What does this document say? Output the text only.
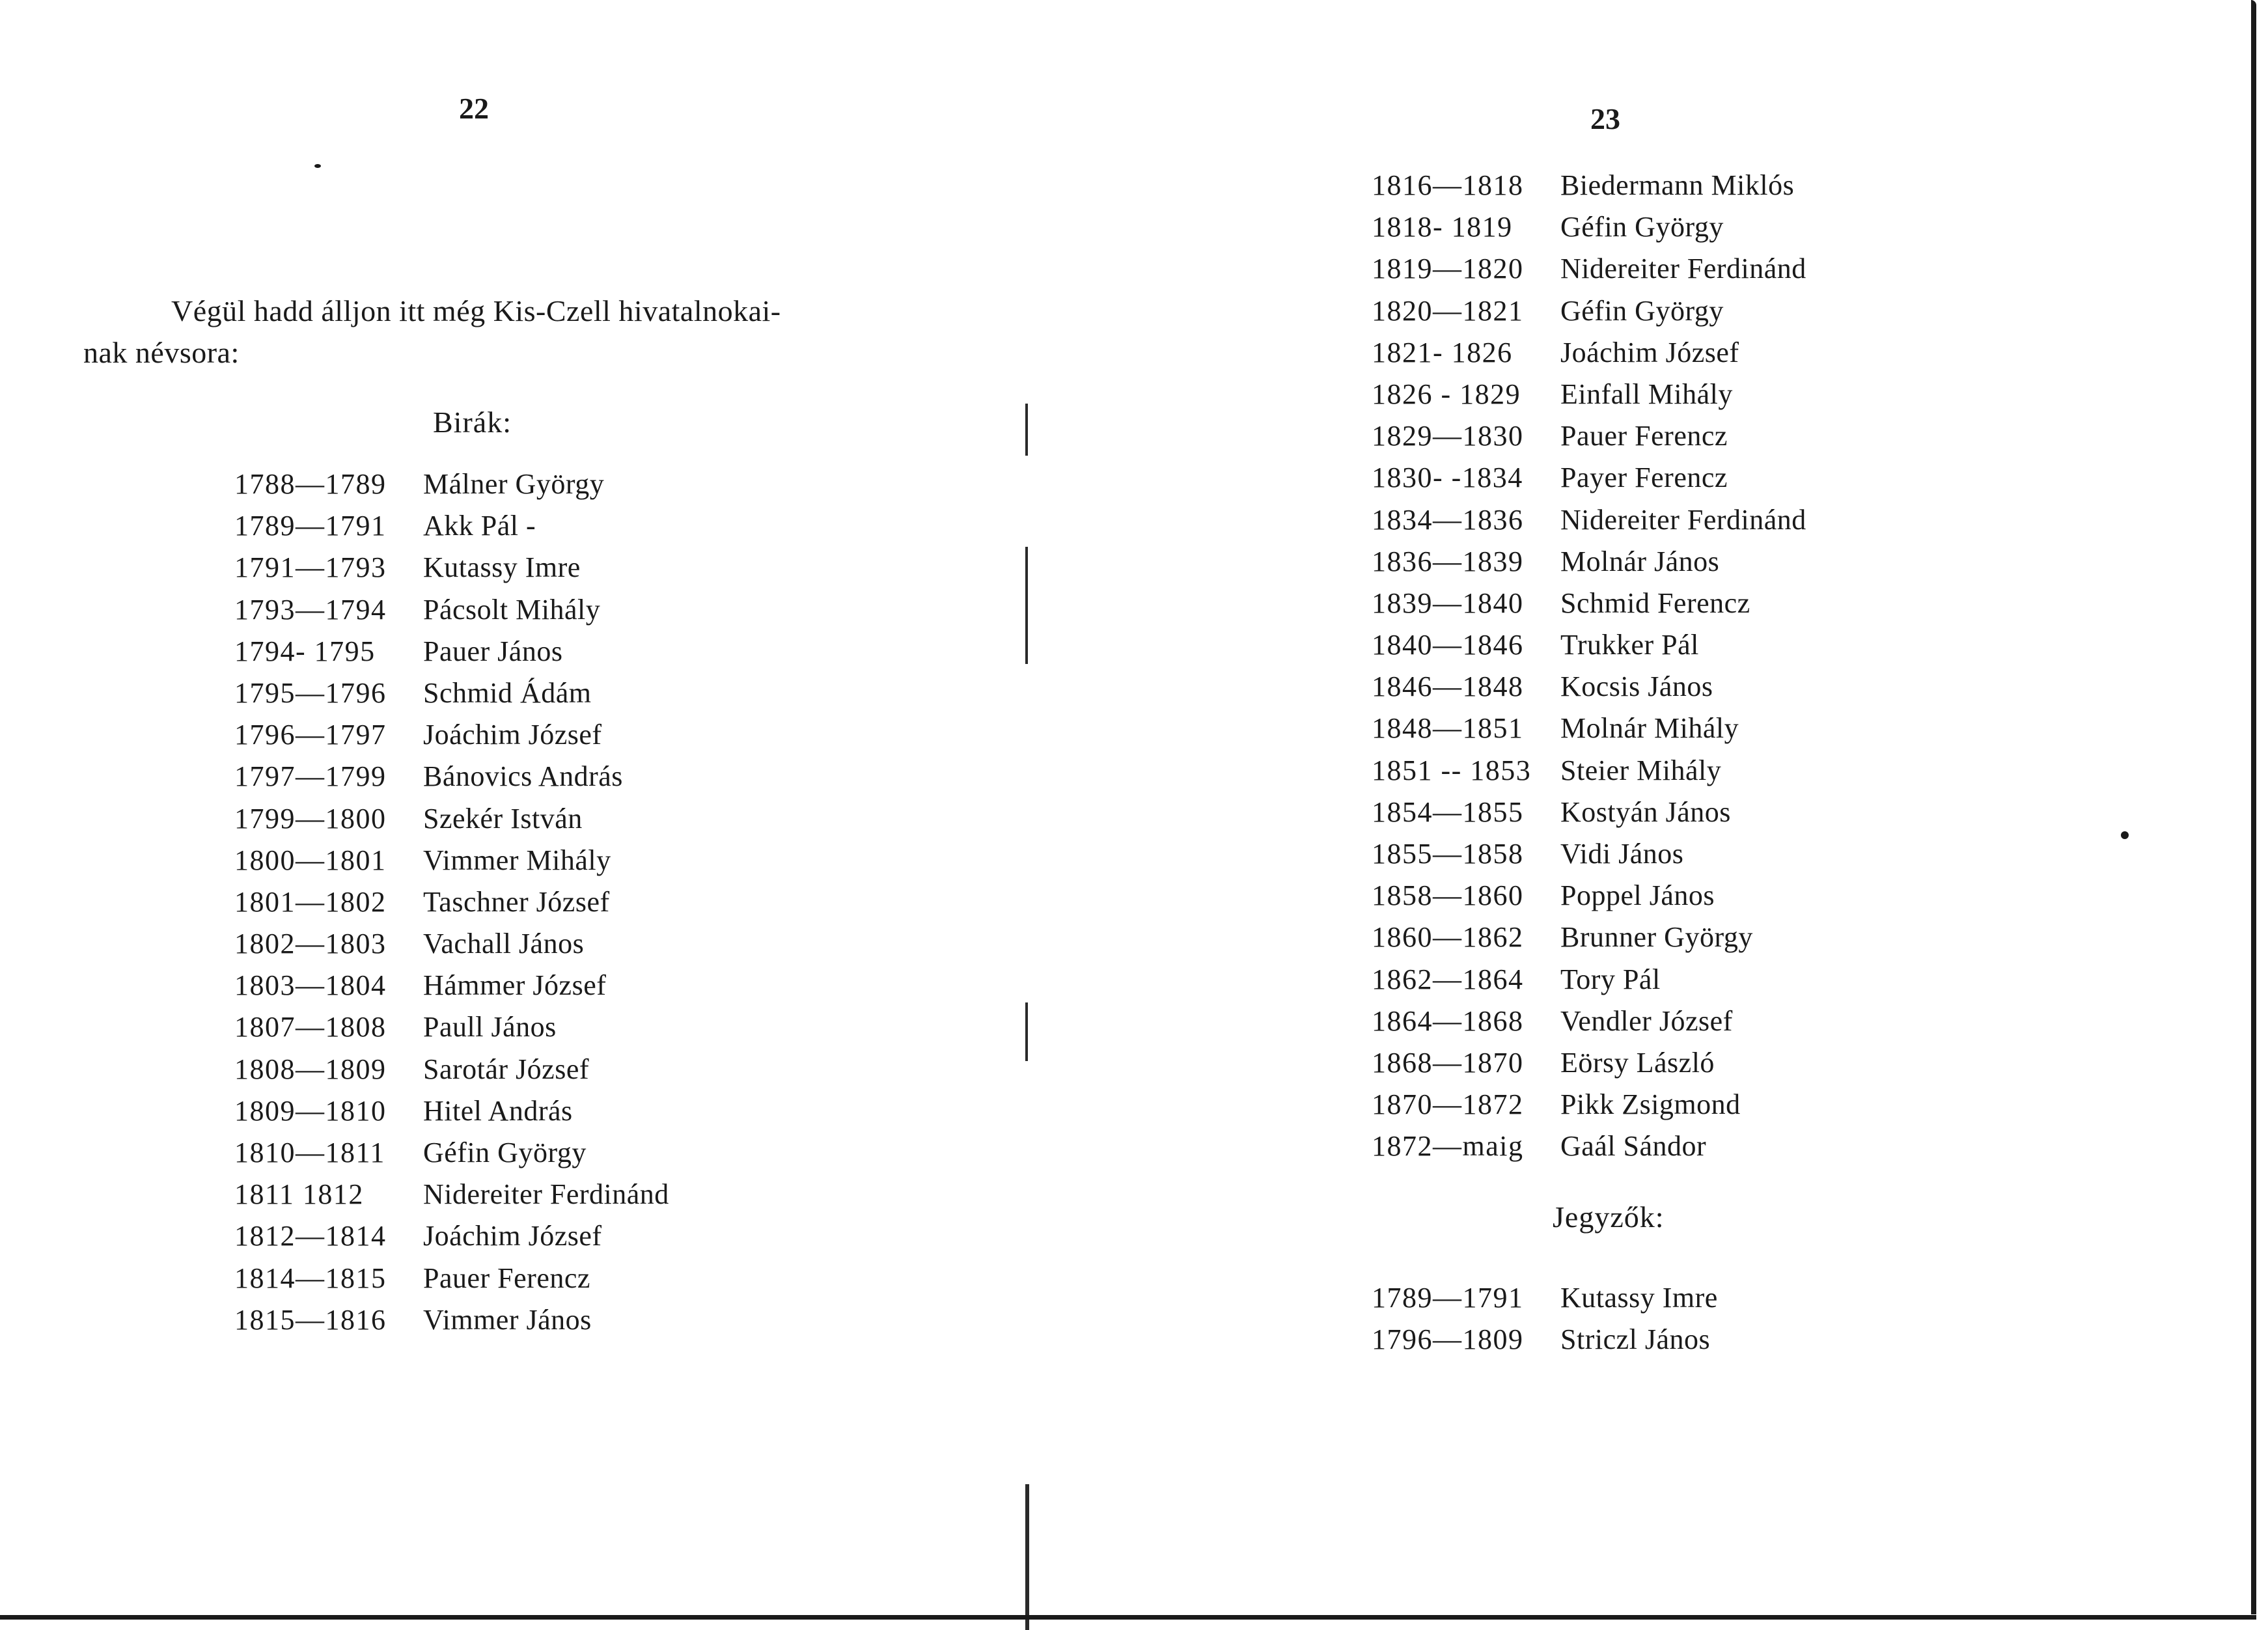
22
Végül hadd álljon itt még Kis-Czell hivatalnokai-
nak névsora:
Birák:
1788—1789	Málner György
1789—1791	Akk Pál -
1791—1793	Kutassy Imre
1793—1794	Pácsolt Mihály
1794- 1795	Pauer János
1795—1796	Schmid Ádám
1796—1797	Joáchim József
1797—1799	Bánovics András
1799—1800	Szekér István
1800—1801	Vimmer Mihály
1801—1802	Taschner József
1802—1803	Vachall János
1803—1804	Hámmer József
1807—1808	Paull János
1808—1809	Sarotár József
1809—1810	Hitel András
1810—1811	Géfin György
1811 1812	Nidereiter Ferdinánd
1812—1814	Joáchim József
1814—1815	Pauer Ferencz
1815—1816	Vimmer János
23
1816—1818	Biedermann Miklós
1818- 1819	Géfin György
1819—1820	Nidereiter Ferdinánd
1820—1821	Géfin György
1821- 1826	Joáchim József
1826 - 1829	Einfall Mihály
1829—1830	Pauer Ferencz
1830- -1834	Payer Ferencz
1834—1836	Nidereiter Ferdinánd
1836—1839	Molnár János
1839—1840	Schmid Ferencz
1840—1846	Trukker Pál
1846—1848	Kocsis János
1848—1851	Molnár Mihály
1851 -- 1853	Steier Mihály
1854—1855	Kostyán János
1855—1858	Vidi János
1858—1860	Poppel János
1860—1862	Brunner György
1862—1864	Tory Pál
1864—1868	Vendler József
1868—1870	Eörsy László
1870—1872	Pikk Zsigmond
1872—maig	Gaál Sándor
Jegyzők:
1789—1791	Kutassy Imre
1796—1809	Striczl János
